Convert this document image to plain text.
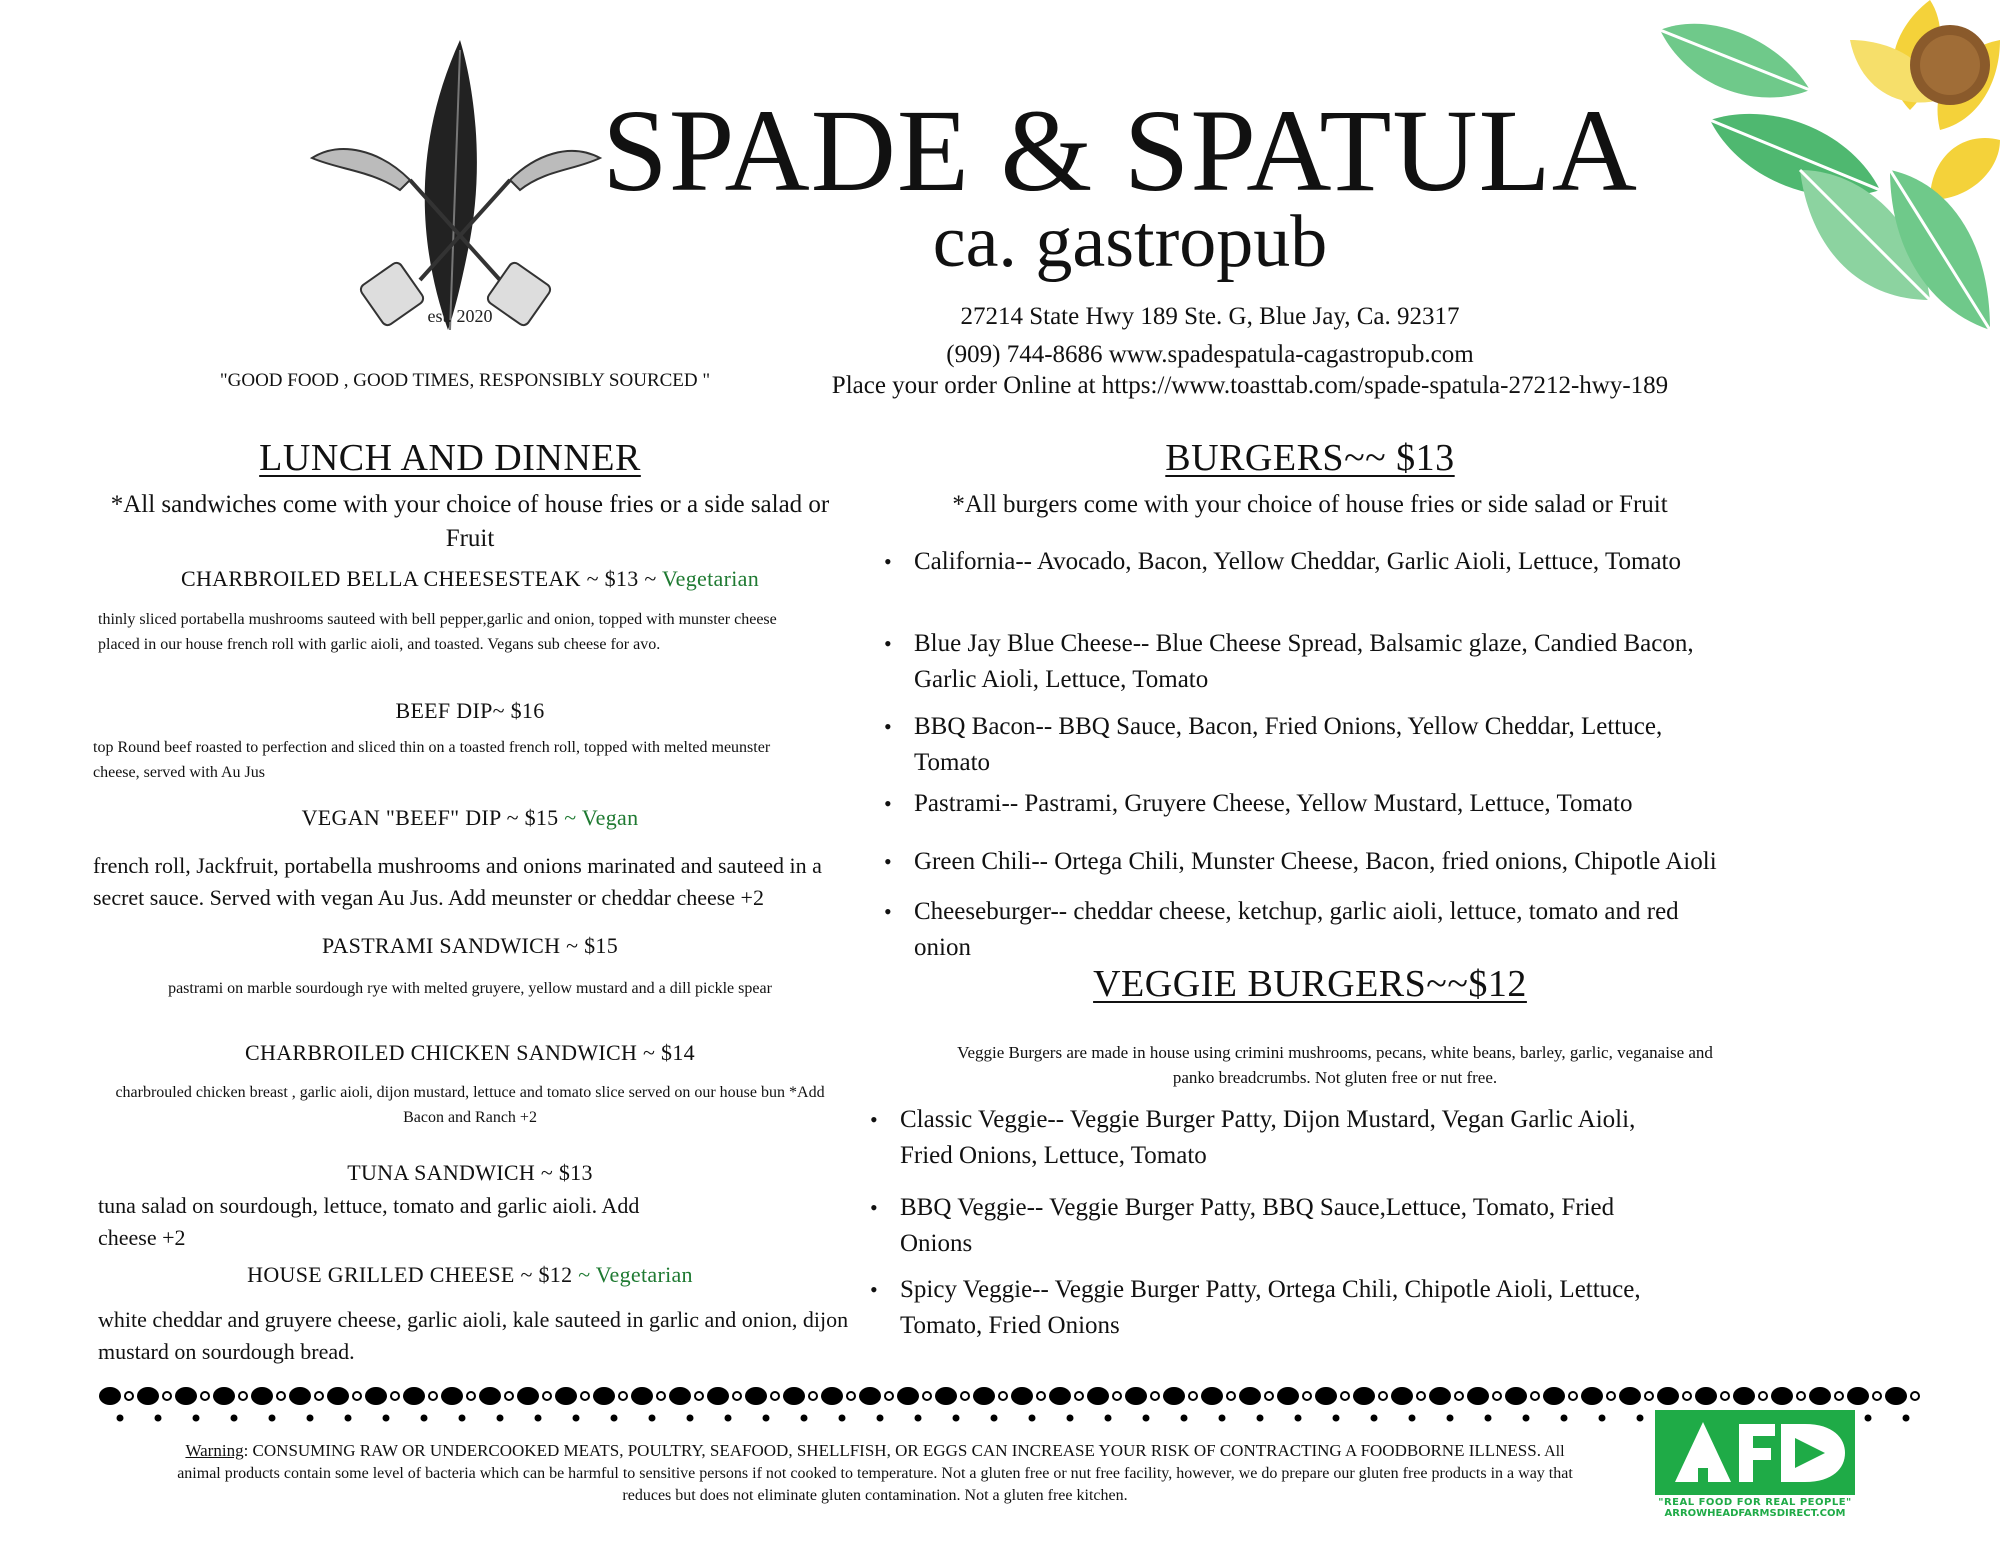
est. 2020
SPADE & SPATULA
ca. gastropub
27214 State Hwy 189 Ste. G, Blue Jay, Ca. 92317
(909) 744-8686 www.spadespatula-cagastropub.com
Place your order Online at https://www.toasttab.com/spade-spatula-27212-hwy-189
"GOOD FOOD , GOOD TIMES, RESPONSIBLY SOURCED "
LUNCH AND DINNER
*All sandwiches come with your choice of house fries or a side salad or Fruit
CHARBROILED BELLA CHEESESTEAK ~ $13 ~ Vegetarian
thinly sliced portabella mushrooms sauteed with bell pepper,garlic and onion, topped with munster cheese placed in our house french roll with garlic aioli, and toasted. Vegans sub cheese for avo.
BEEF DIP~ $16
top Round beef roasted to perfection and sliced thin on a toasted french roll, topped with melted meunster cheese, served with Au Jus
VEGAN "BEEF" DIP ~ $15 ~ Vegan
french roll, Jackfruit, portabella mushrooms and onions marinated and sauteed in a secret sauce. Served with vegan Au Jus. Add meunster or cheddar cheese +2
PASTRAMI SANDWICH ~ $15
pastrami on marble sourdough rye with melted gruyere, yellow mustard and a dill pickle spear
CHARBROILED CHICKEN SANDWICH ~ $14
charbrouled chicken breast , garlic aioli, dijon mustard, lettuce and tomato slice served on our house bun *Add Bacon and Ranch +2
TUNA SANDWICH ~ $13
tuna salad on sourdough, lettuce, tomato and garlic aioli. Add cheese +2
HOUSE GRILLED CHEESE ~ $12 ~ Vegetarian
white cheddar and gruyere cheese, garlic aioli, kale sauteed in garlic and onion, dijon mustard on sourdough bread.
BURGERS~~ $13
*All burgers come with your choice of house fries or side salad or Fruit
• California-- Avocado, Bacon, Yellow Cheddar, Garlic Aioli, Lettuce, Tomato
• Blue Jay Blue Cheese-- Blue Cheese Spread, Balsamic glaze, Candied Bacon, Garlic Aioli, Lettuce, Tomato
• BBQ Bacon-- BBQ Sauce, Bacon, Fried Onions, Yellow Cheddar, Lettuce, Tomato
• Pastrami-- Pastrami, Gruyere Cheese, Yellow Mustard, Lettuce, Tomato
• Green Chili-- Ortega Chili, Munster Cheese, Bacon, fried onions, Chipotle Aioli
• Cheeseburger-- cheddar cheese, ketchup, garlic aioli, lettuce, tomato and red onion
VEGGIE BURGERS~~$12
Veggie Burgers are made in house using crimini mushrooms, pecans, white beans, barley, garlic, veganaise and panko breadcrumbs. Not gluten free or nut free.
• Classic Veggie-- Veggie Burger Patty, Dijon Mustard, Vegan Garlic Aioli, Fried Onions, Lettuce, Tomato
• BBQ Veggie-- Veggie Burger Patty, BBQ Sauce,Lettuce, Tomato, Fried Onions
• Spicy Veggie-- Veggie Burger Patty, Ortega Chili, Chipotle Aioli, Lettuce, Tomato, Fried Onions
Warning: CONSUMING RAW OR UNDERCOOKED MEATS, POULTRY, SEAFOOD, SHELLFISH, OR EGGS CAN INCREASE YOUR RISK OF CONTRACTING A FOODBORNE ILLNESS. All animal products contain some level of bacteria which can be harmful to sensitive persons if not cooked to temperature. Not a gluten free or nut free facility, however, we do prepare our gluten free products in a way that reduces but does not eliminate gluten contamination. Not a gluten free kitchen.	"REAL FOOD FOR REAL PEOPLE"
ARROWHEADFARMSDIRECT.COM
